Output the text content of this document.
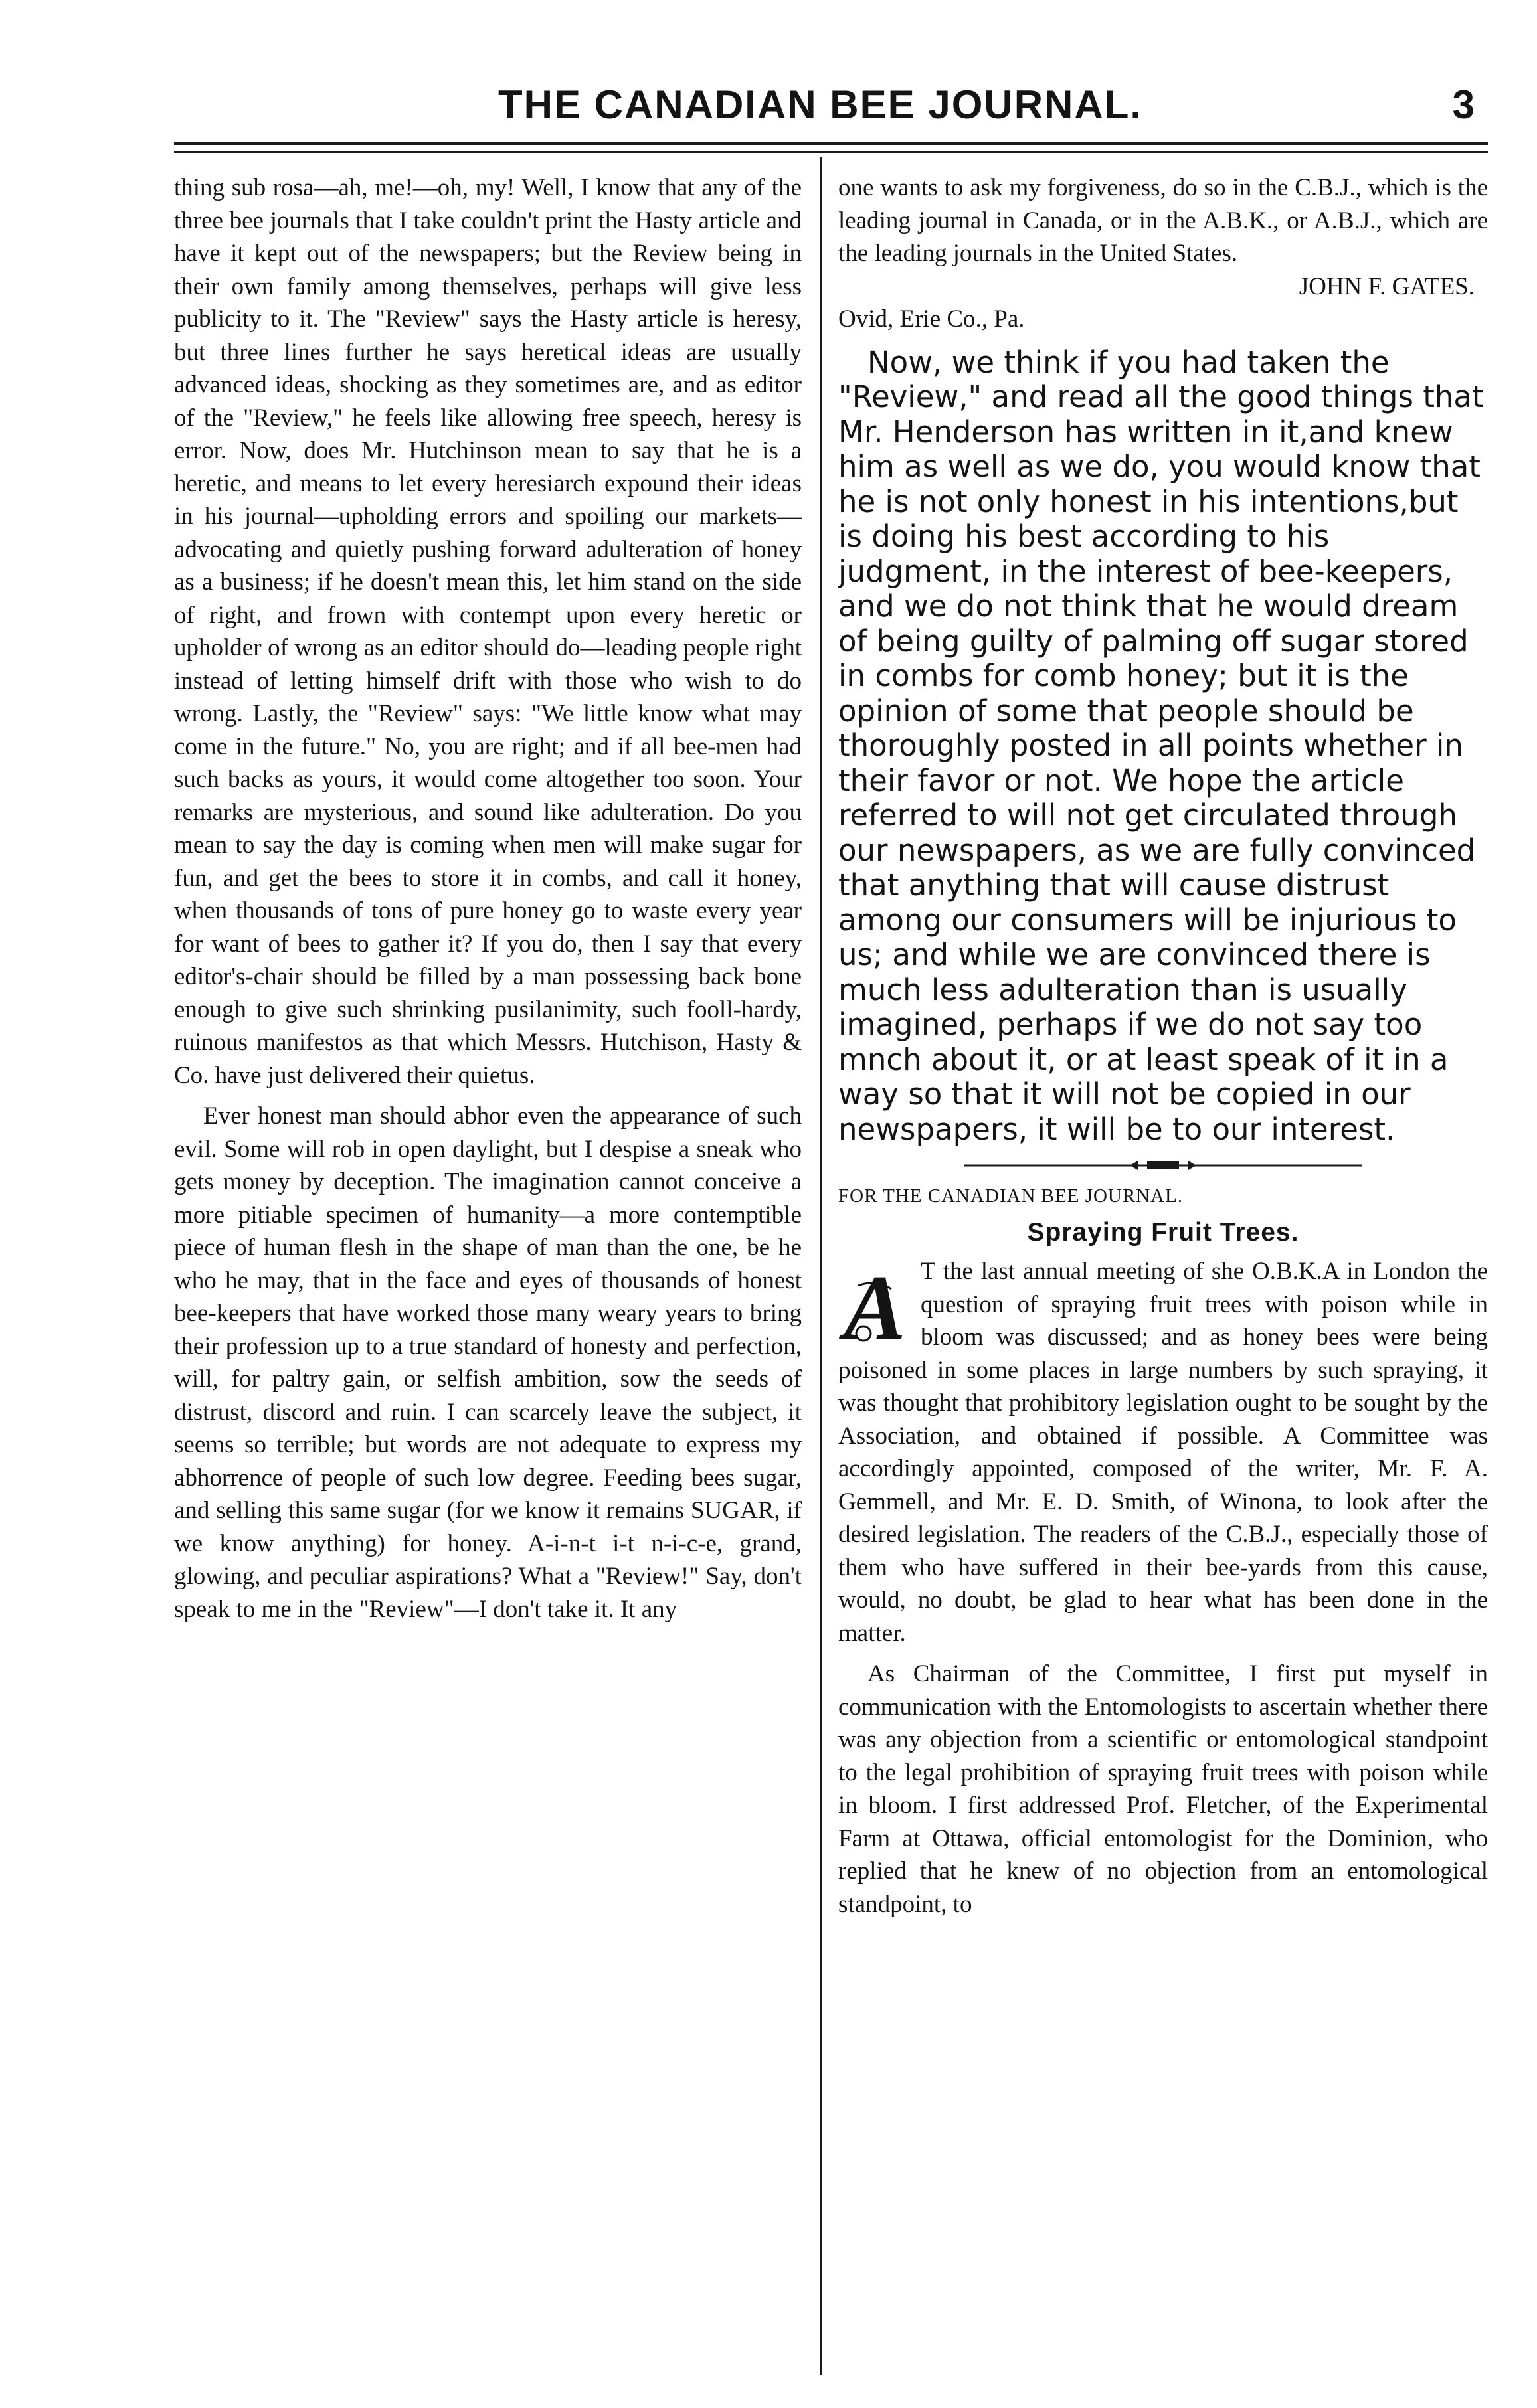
THE CANADIAN BEE JOURNAL.	3

thing sub rosa—ah, me!—oh, my! Well, I know that any of the three bee journals that I take couldn't print the Hasty article and have it kept out of the newspapers; but the Review being in their own family among themselves, perhaps will give less publicity to it. The "Review" says the Hasty article is heresy, but three lines further he says heretical ideas are usually advanced ideas, shocking as they sometimes are, and as editor of the "Review," he feels like allowing free speech, heresy is error. Now, does Mr. Hutchinson mean to say that he is a heretic, and means to let every heresiarch expound their ideas in his journal—upholding errors and spoiling our markets—advocating and quietly pushing forward adulteration of honey as a business; if he doesn't mean this, let him stand on the side of right, and frown with contempt upon every heretic or upholder of wrong as an editor should do—leading people right instead of letting himself drift with those who wish to do wrong. Lastly, the "Review" says: "We little know what may come in the future." No, you are right; and if all bee-men had such backs as yours, it would come altogether too soon. Your remarks are mysterious, and sound like adulteration. Do you mean to say the day is coming when men will make sugar for fun, and get the bees to store it in combs, and call it honey, when thousands of tons of pure honey go to waste every year for want of bees to gather it? If you do, then I say that every editor's-chair should be filled by a man possessing back bone enough to give such shrinking pusilanimity, such fooll-hardy, ruinous manifestos as that which Messrs. Hutchison, Hasty & Co. have just delivered their quietus.

Ever honest man should abhor even the appearance of such evil. Some will rob in open daylight, but I despise a sneak who gets money by deception. The imagination cannot conceive a more pitiable specimen of humanity—a more contemptible piece of human flesh in the shape of man than the one, be he who he may, that in the face and eyes of thousands of honest bee-keepers that have worked those many weary years to bring their profession up to a true standard of honesty and perfection, will, for paltry gain, or selfish ambition, sow the seeds of distrust, discord and ruin. I can scarcely leave the subject, it seems so terrible; but words are not adequate to express my abhorrence of people of such low degree. Feeding bees sugar, and selling this same sugar (for we know it remains SUGAR, if we know anything) for honey. A-i-n-t i-t n-i-c-e, grand, glowing, and peculiar aspirations? What a "Review!" Say, don't speak to me in the "Review"—I don't take it. It any

one wants to ask my forgiveness, do so in the C.B.J., which is the leading journal in Canada, or in the A.B.K., or A.B.J., which are the leading journals in the United States.

JOHN F. GATES.

Ovid, Erie Co., Pa.

Now, we think if you had taken the "Review," and read all the good things that Mr. Henderson has written in it,and knew him as well as we do, you would know that he is not only honest in his intentions,but is doing his best according to his judgment, in the interest of bee-keepers, and we do not think that he would dream of being guilty of palming off sugar stored in combs for comb honey; but it is the opinion of some that people should be thoroughly posted in all points whether in their favor or not. We hope the article referred to will not get circulated through our newspapers, as we are fully convinced that anything that will cause distrust among our consumers will be injurious to us; and while we are convinced there is much less adulteration than is usually imagined, perhaps if we do not say too mnch about it, or at least speak of it in a way so that it will not be copied in our newspapers, it will be to our interest.

FOR THE CANADIAN BEE JOURNAL.

Spraying Fruit Trees.

A T the last annual meeting of she O.B.K.A in London the question of spraying fruit trees with poison while in bloom was discussed; and as honey bees were being poisoned in some places in large numbers by such spraying, it was thought that prohibitory legislation ought to be sought by the Association, and obtained if possible. A Committee was accordingly appointed, composed of the writer, Mr. F. A. Gemmell, and Mr. E. D. Smith, of Winona, to look after the desired legislation. The readers of the C.B.J., especially those of them who have suffered in their bee-yards from this cause, would, no doubt, be glad to hear what has been done in the matter.

As Chairman of the Committee, I first put myself in communication with the Entomologists to ascertain whether there was any objection from a scientific or entomological standpoint to the legal prohibition of spraying fruit trees with poison while in bloom. I first addressed Prof. Fletcher, of the Experimental Farm at Ottawa, official entomologist for the Dominion, who replied that he knew of no objection from an entomological standpoint, to
